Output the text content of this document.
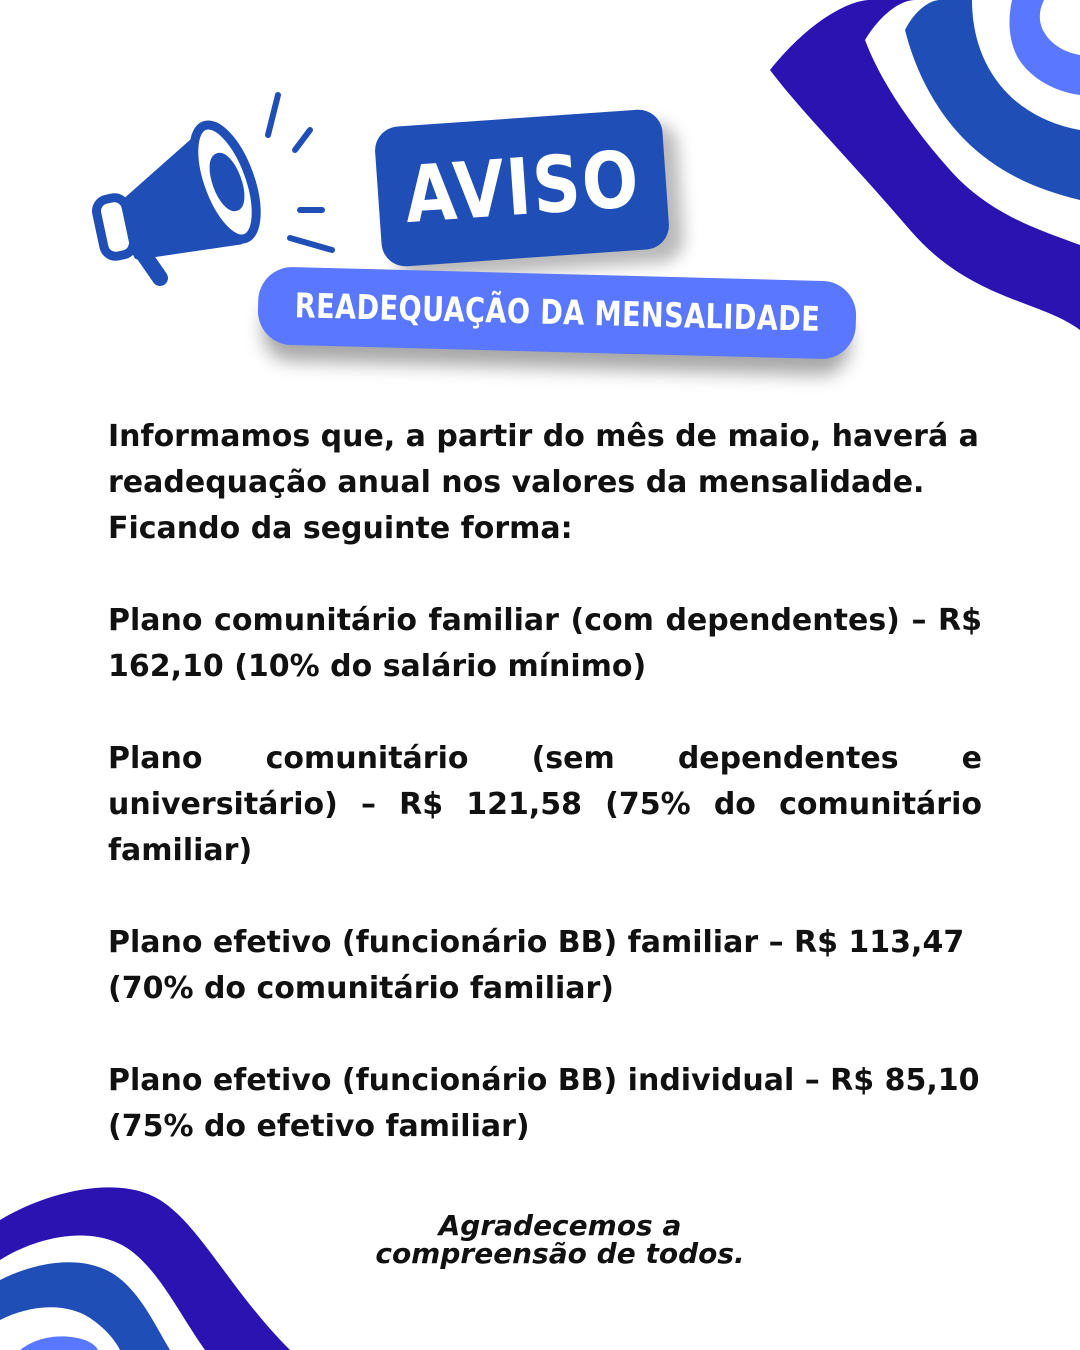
AVISO
READEQUAÇÃO DA MENSALIDADE

Informamos que, a partir do mês de maio, haverá a readequação anual nos valores da mensalidade. Ficando da seguinte forma:

Plano comunitário familiar (com dependentes) – R$ 162,10 (10% do salário mínimo)

Plano comunitário (sem dependentes e universitário) – R$ 121,58 (75% do comunitário familiar)

Plano efetivo (funcionário BB) familiar – R$ 113,47 (70% do comunitário familiar)

Plano efetivo (funcionário BB) individual – R$ 85,10 (75% do efetivo familiar)

Agradecemos a
compreensão de todos.
